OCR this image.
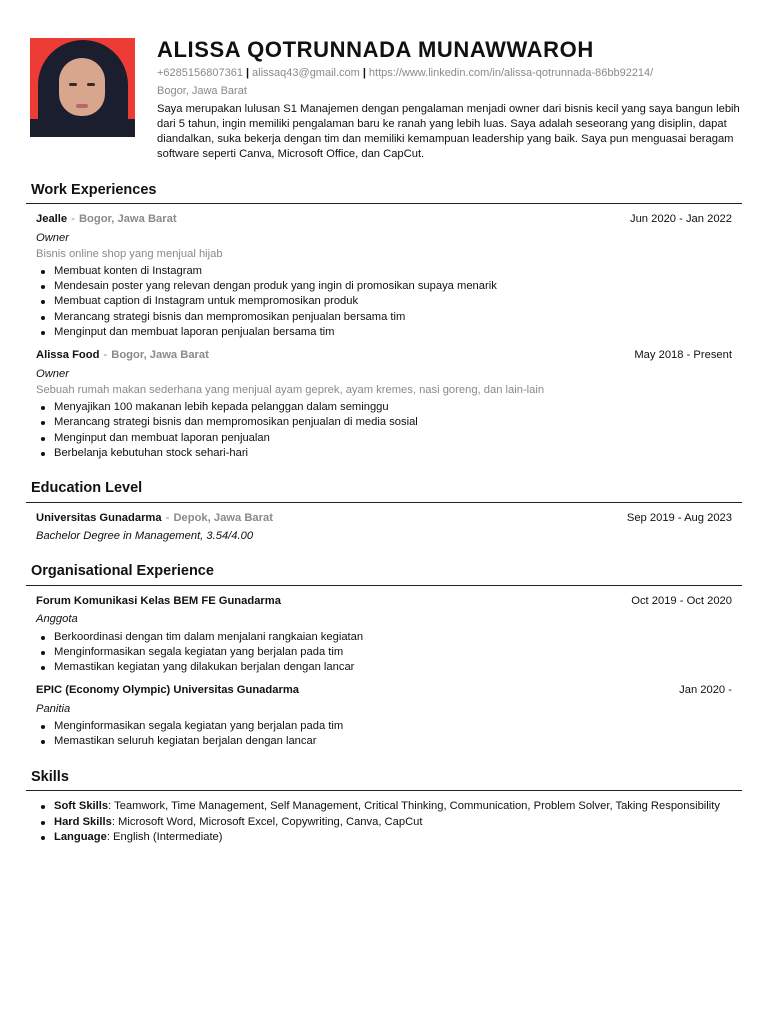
ALISSA QOTRUNNADA MUNAWWAROH
+6285156807361 | alissaq43@gmail.com | https://www.linkedin.com/in/alissa-qotrunnada-86bb92214/
Bogor, Jawa Barat
Saya merupakan lulusan S1 Manajemen dengan pengalaman menjadi owner dari bisnis kecil yang saya bangun lebih dari 5 tahun, ingin memiliki pengalaman baru ke ranah yang lebih luas. Saya adalah seseorang yang disiplin, dapat diandalkan, suka bekerja dengan tim dan memiliki kemampuan leadership yang baik. Saya pun menguasai beragam software seperti Canva, Microsoft Office, dan CapCut.
Work Experiences
Jealle - Bogor, Jawa Barat	Jun 2020 - Jan 2022
Owner
Bisnis online shop yang menjual hijab
Membuat konten di Instagram
Mendesain poster yang relevan dengan produk yang ingin di promosikan supaya menarik
Membuat caption di Instagram untuk mempromosikan produk
Merancang strategi bisnis dan mempromosikan penjualan bersama tim
Menginput dan membuat laporan penjualan bersama tim
Alissa Food - Bogor, Jawa Barat	May 2018 - Present
Owner
Sebuah rumah makan sederhana yang menjual ayam geprek, ayam kremes, nasi goreng, dan lain-lain
Menyajikan 100 makanan lebih kepada pelanggan dalam seminggu
Merancang strategi bisnis dan mempromosikan penjualan di media sosial
Menginput dan membuat laporan penjualan
Berbelanja kebutuhan stock sehari-hari
Education Level
Universitas Gunadarma - Depok, Jawa Barat	Sep 2019 - Aug 2023
Bachelor Degree in Management, 3.54/4.00
Organisational Experience
Forum Komunikasi Kelas BEM FE Gunadarma	Oct 2019 - Oct 2020
Anggota
Berkoordinasi dengan tim dalam menjalani rangkaian kegiatan
Menginformasikan segala kegiatan yang berjalan pada tim
Memastikan kegiatan yang dilakukan berjalan dengan lancar
EPIC (Economy Olympic) Universitas Gunadarma	Jan 2020 -
Panitia
Menginformasikan segala kegiatan yang berjalan pada tim
Memastikan seluruh kegiatan berjalan dengan lancar
Skills
Soft Skills: Teamwork, Time Management, Self Management, Critical Thinking, Communication, Problem Solver, Taking Responsibility
Hard Skills: Microsoft Word, Microsoft Excel, Copywriting, Canva, CapCut
Language: English (Intermediate)
